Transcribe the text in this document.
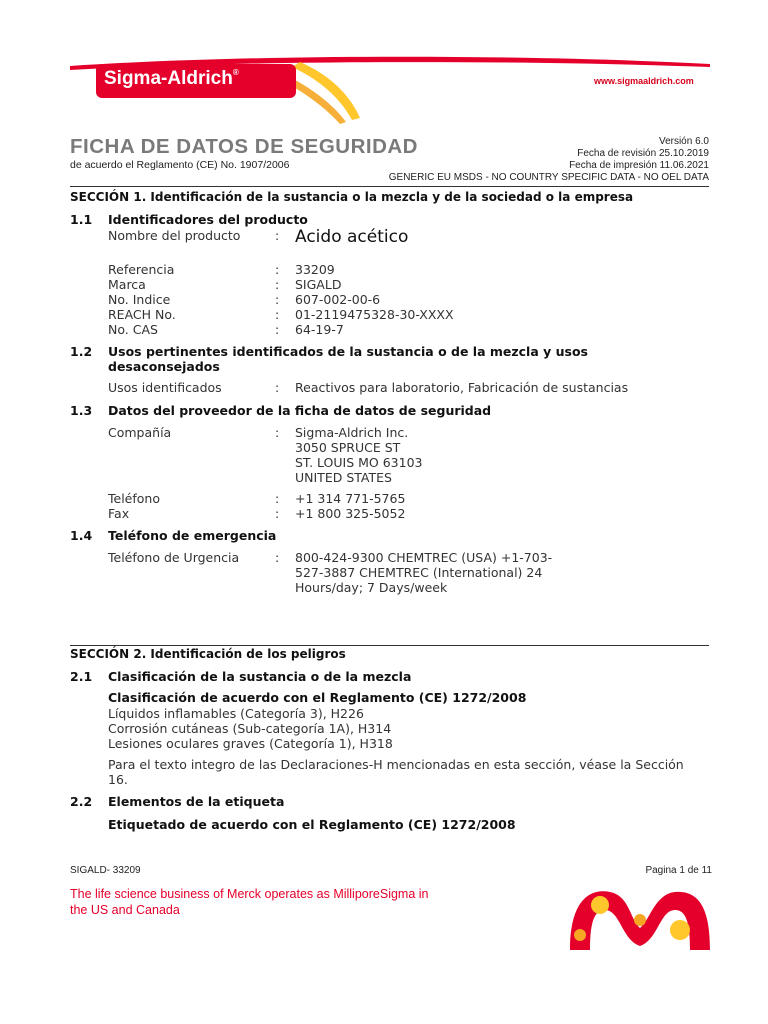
Sigma-Aldrich®
www.sigmaaldrich.com
FICHA DE DATOS DE SEGURIDAD
de acuerdo el Reglamento (CE) No. 1907/2006
Versión 6.0
Fecha de revisión 25.10.2019
Fecha de impresión 11.06.2021
GENERIC EU MSDS - NO COUNTRY SPECIFIC DATA - NO OEL DATA
SECCIÓN 1. Identificación de la sustancia o la mezcla y de la sociedad o la empresa
1.1 Identificadores del producto
Nombre del producto	: Acido acético
Referencia	: 33209
Marca	: SIGALD
No. Indice	: 607-002-00-6
REACH No.	: 01-2119475328-30-XXXX
No. CAS	: 64-19-7
1.2 Usos pertinentes identificados de la sustancia o de la mezcla y usos
desaconsejados
Usos identificados	: Reactivos para laboratorio, Fabricación de sustancias
1.3 Datos del proveedor de la ficha de datos de seguridad
Compañía	: Sigma-Aldrich Inc.
3050 SPRUCE ST
ST. LOUIS MO 63103
UNITED STATES
Teléfono	: +1 314 771-5765
Fax	: +1 800 325-5052
1.4 Teléfono de emergencia
Teléfono de Urgencia	: 800-424-9300 CHEMTREC (USA) +1-703-
527-3887 CHEMTREC (International) 24
Hours/day; 7 Days/week
SECCIÓN 2. Identificación de los peligros
2.1 Clasificación de la sustancia o de la mezcla
Clasificación de acuerdo con el Reglamento (CE) 1272/2008
Líquidos inflamables (Categoría 3), H226
Corrosión cutáneas (Sub-categoría 1A), H314
Lesiones oculares graves (Categoría 1), H318
Para el texto integro de las Declaraciones-H mencionadas en esta sección, véase la Sección
16.
2.2 Elementos de la etiqueta
Etiquetado de acuerdo con el Reglamento (CE) 1272/2008
SIGALD- 33209	Pagina 1 de 11
The life science business of Merck operates as MilliporeSigma in
the US and Canada
